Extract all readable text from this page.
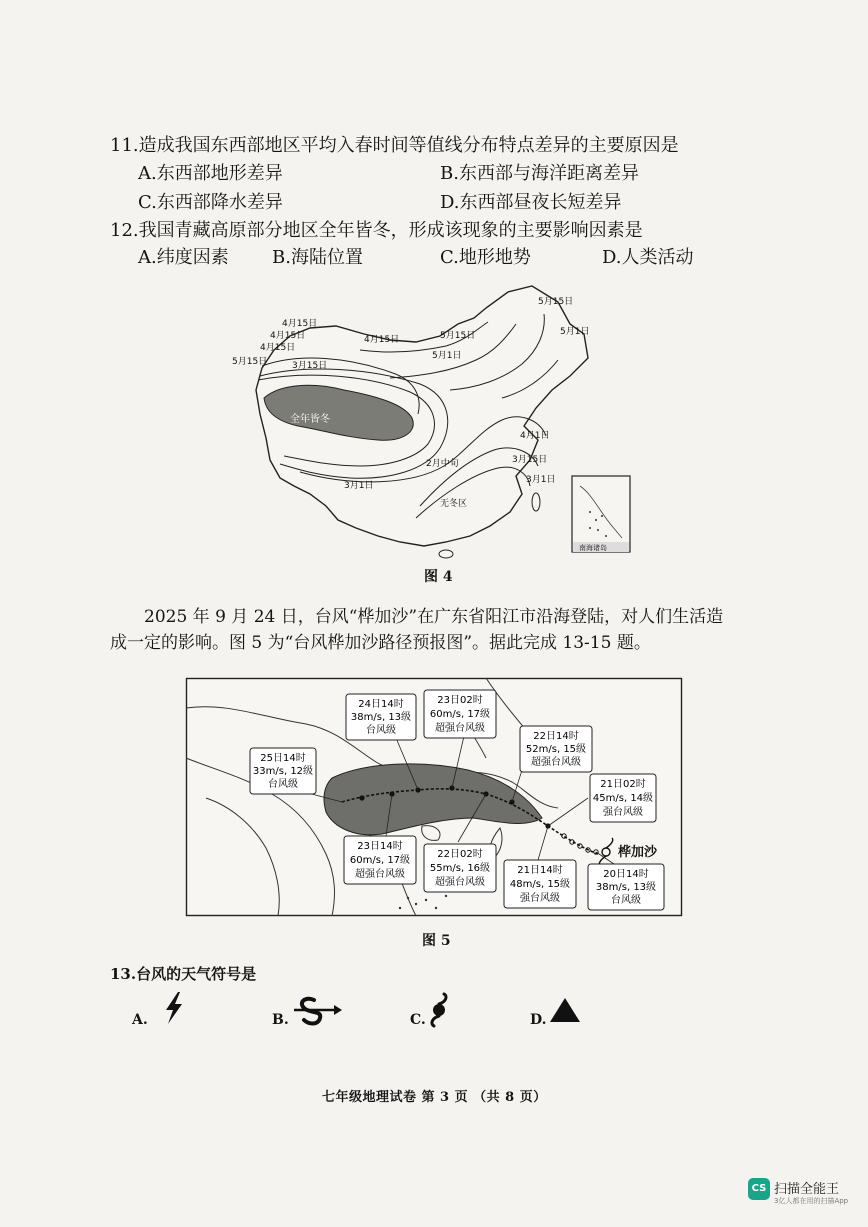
11.造成我国东西部地区平均入春时间等值线分布特点差异的主要原因是
A.东西部地形差异	B.东西部与海洋距离差异
C.东西部降水差异	D.东西部昼夜长短差异
12.我国青藏高原部分地区全年皆冬，形成该现象的主要影响因素是
A.纬度因素 B.海陆位置	C.地形地势	D.人类活动
南海诸岛
5月15日
5月1日
5月15日
5月1日
4月15日
4月15日
4月15日
4月15日
5月15日	3月15日
4月1日
3月15日
3月1日
3月1日
2月中旬
全年皆冬
无冬区
图 4
2025 年 9 月 24 日，台风“桦加沙”在广东省阳江市沿海登陆，对人们生活造成一定的影响。图 5 为“台风桦加沙路径预报图”。据此完成 13-15 题。

桦加沙
24日14时
38m/s, 13级
台风级
23日02时
60m/s, 17级
超强台风级
22日14时
52m/s, 15级
超强台风级
25日14时
33m/s, 12级
台风级	21日02时
45m/s, 14级
强台风级
23日14时
60m/s, 17级
超强台风级
22日02时
55m/s, 16级
超强台风级
21日14时
48m/s, 15级
强台风级
20日14时
38m/s, 13级
台风级
图 5
13.台风的天气符号是
A.	B.	C.	D.
七年级地理试卷 第 3 页 （共 8 页）
CS 扫描全能王
3亿人都在用的扫描App
